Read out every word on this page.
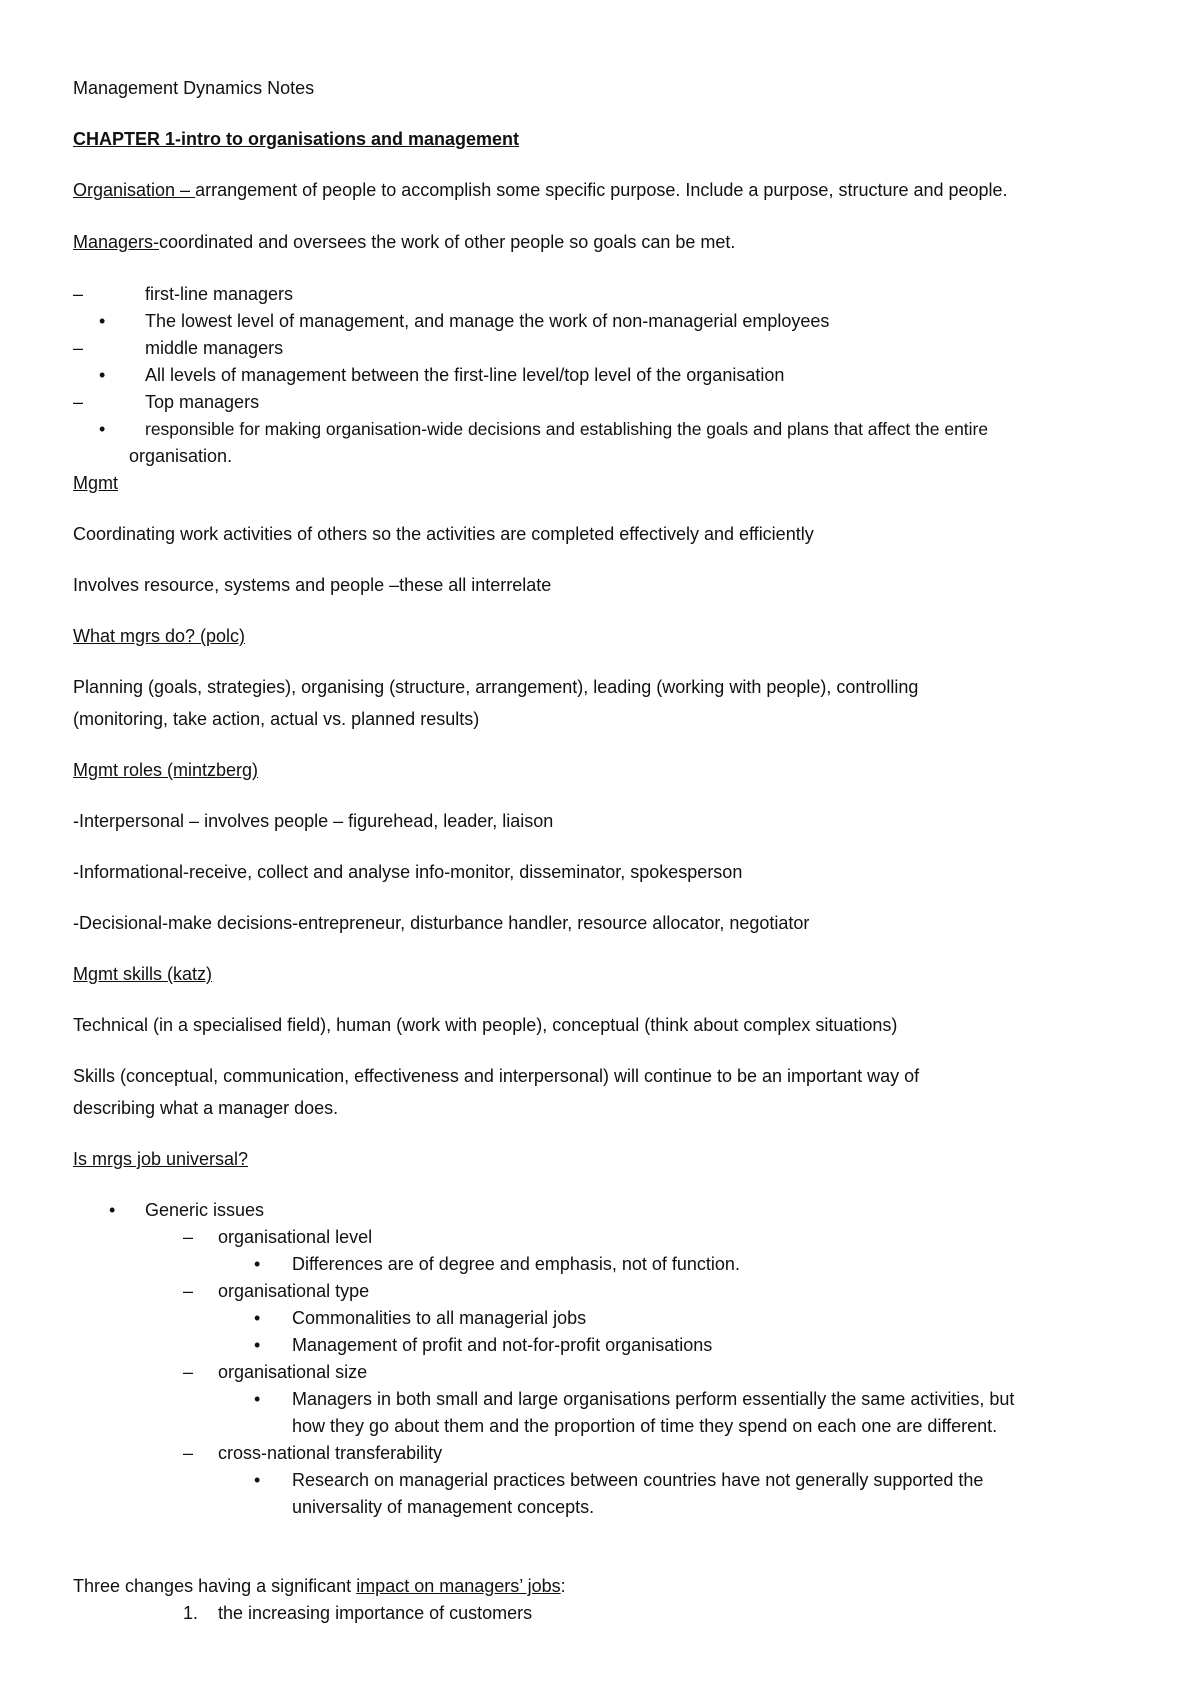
Management Dynamics Notes
CHAPTER 1-intro to organisations and management
Organisation – arrangement of people to accomplish some specific purpose. Include a purpose, structure and people.
Managers-coordinated and oversees the work of other people so goals can be met.
–	first-line managers
• The lowest level of management, and manage the work of non-managerial employees
–	middle managers
• All levels of management between the first-line level/top level of the organisation
–	Top managers
• responsible for making organisation-wide decisions and establishing the goals and plans that affect the entire
organisation.
Mgmt
Coordinating work activities of others so the activities are completed effectively and efficiently
Involves resource, systems and people –these all interrelate
What mgrs do? (polc)
Planning (goals, strategies), organising (structure, arrangement), leading (working with people), controlling
(monitoring, take action, actual vs. planned results)
Mgmt roles (mintzberg)
-Interpersonal – involves people – figurehead, leader, liaison
-Informational-receive, collect and analyse info-monitor, disseminator, spokesperson
-Decisional-make decisions-entrepreneur, disturbance handler, resource allocator, negotiator
Mgmt skills (katz)
Technical (in a specialised field), human (work with people), conceptual (think about complex situations)
Skills (conceptual, communication, effectiveness and interpersonal) will continue to be an important way of
describing what a manager does.
Is mrgs job universal?
• Generic issues
– organisational level
• Differences are of degree and emphasis, not of function.
– organisational type
• Commonalities to all managerial jobs
• Management of profit and not-for-profit organisations
– organisational size
• Managers in both small and large organisations perform essentially the same activities, but
how they go about them and the proportion of time they spend on each one are different.
– cross-national transferability
• Research on managerial practices between countries have not generally supported the
universality of management concepts.
Three changes having a significant impact on managers’ jobs:
1. the increasing importance of customers
